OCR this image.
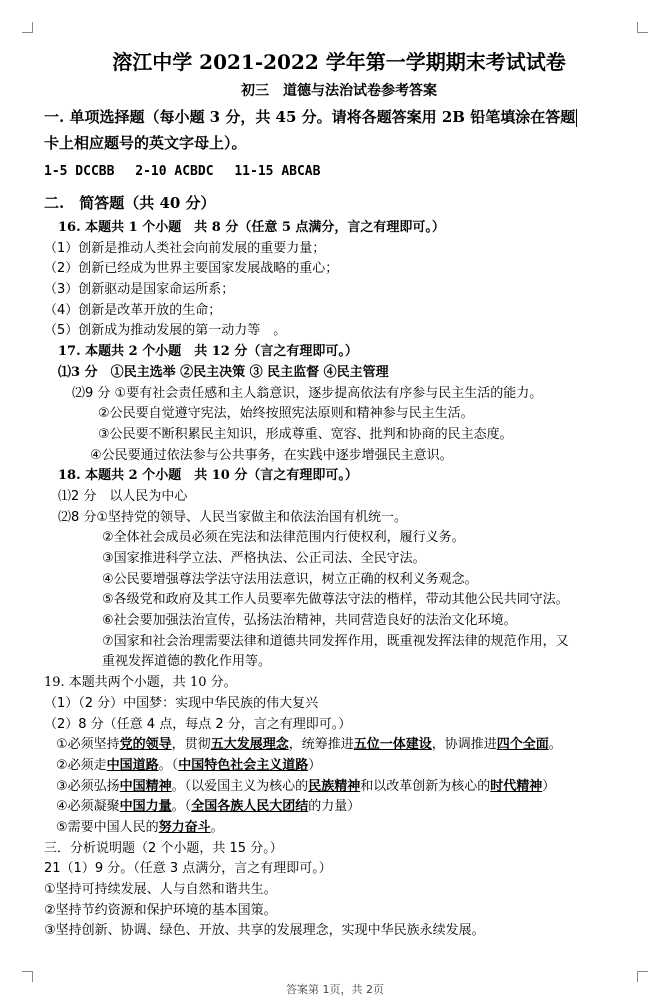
溶江中学 2021-2022 学年第一学期期末考试试卷
初三　道德与法治试卷参考答案
一. 单项选择题（每小题 3 分，共 45 分。请将各题答案用 2B 铅笔填涂在答题
卡上相应题号的英文字母上）。
1-5 DCCBB　 2-10 ACBDC　 11-15 ABCAB
二.　简答题（共 40 分）
16. 本题共 1 个小题　共 8 分（任意 5 点满分，言之有理即可。）
（1）创新是推动人类社会向前发展的重要力量；
（2）创新已经成为世界主要国家发展战略的重心；
（3）创新驱动是国家命运所系；
（4）创新是改革开放的生命；
（5）创新成为推动发展的第一动力等　。
17. 本题共 2 个小题　共 12 分（言之有理即可。）
⑴3 分　①民主选举 ②民主决策 ③ 民主监督 ④民主管理
⑵9 分 ①要有社会责任感和主人翁意识，逐步提高依法有序参与民主生活的能力。
②公民要自觉遵守宪法，始终按照宪法原则和精神参与民主生活。
③公民要不断积累民主知识，形成尊重、宽容、批判和协商的民主态度。
④公民要通过依法参与公共事务，在实践中逐步增强民主意识。
18. 本题共 2 个小题　共 10 分（言之有理即可。）
⑴2 分　以人民为中心
⑵8 分①坚持党的领导、人民当家做主和依法治国有机统一。
②全体社会成员必须在宪法和法律范围内行使权利，履行义务。
③国家推进科学立法、严格执法、公正司法、全民守法。
④公民要增强尊法学法守法用法意识，树立正确的权利义务观念。
⑤各级党和政府及其工作人员要率先做尊法守法的楷样，带动其他公民共同守法。
⑥社会要加强法治宣传，弘扬法治精神，共同营造良好的法治文化环境。
⑦国家和社会治理需要法律和道德共同发挥作用，既重视发挥法律的规范作用，又
重视发挥道德的教化作用等。
19. 本题共两个小题，共 10 分。
（1）（2 分）中国梦：实现中华民族的伟大复兴
（2）8 分（任意 4 点，每点 2 分，言之有理即可。）
①必须坚持党的领导，贯彻五大发展理念，统筹推进五位一体建设，协调推进四个全面。
②必须走中国道路。（中国特色社会主义道路）
③必须弘扬中国精神。（以爱国主义为核心的民族精神和以改革创新为核心的时代精神）
④必须凝聚中国力量。（全国各族人民大团结的力量）
⑤需要中国人民的努力奋斗。
三．分析说明题（2 个小题，共 15 分。）
21（1）9 分。（任意 3 点满分，言之有理即可。）
①坚持可持续发展、人与自然和谐共生。
②坚持节约资源和保护环境的基本国策。
③坚持创新、协调、绿色、开放、共享的发展理念，实现中华民族永续发展。
答案第 1页，共 2页
